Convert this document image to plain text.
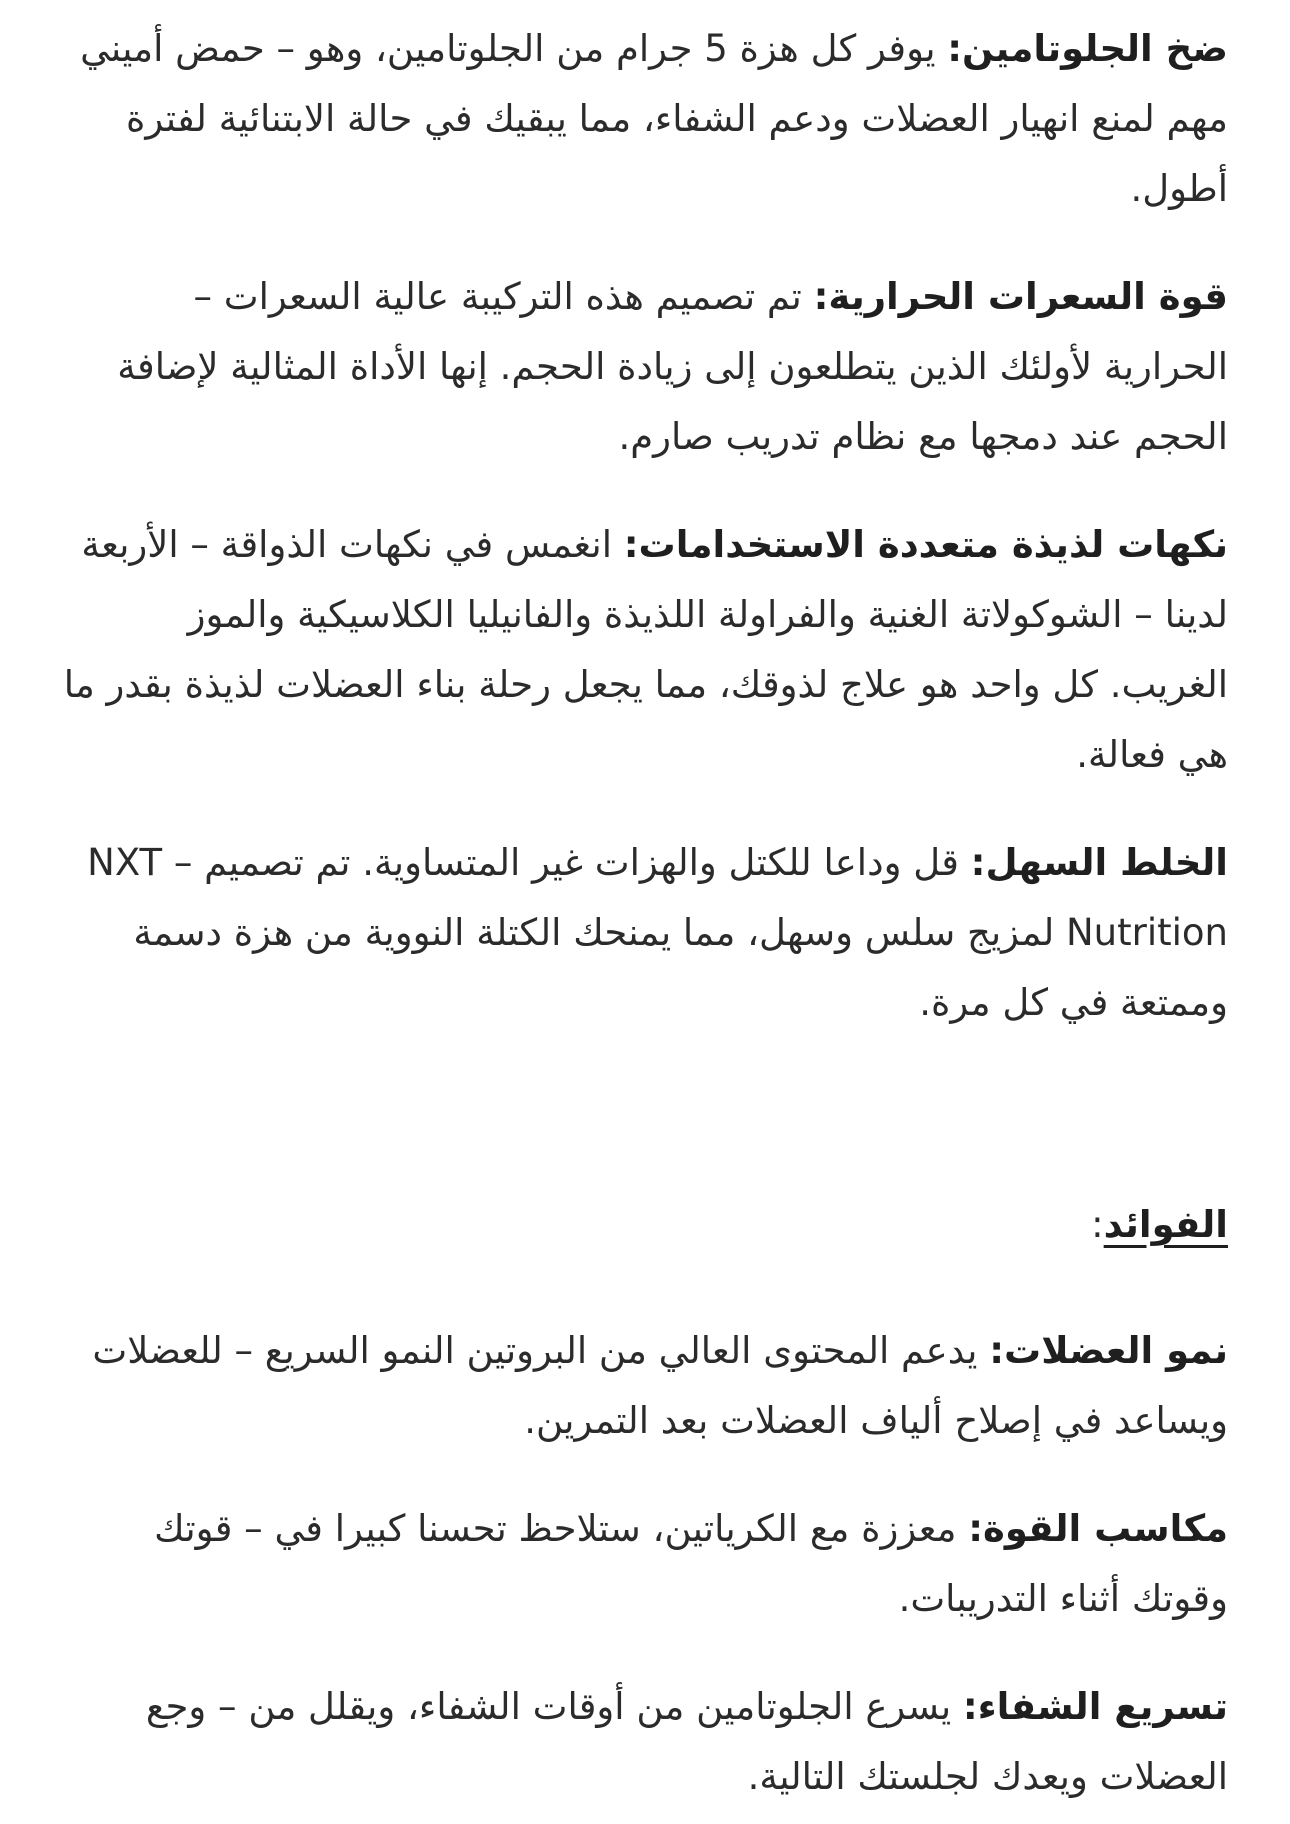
ضخ الجلوتامين: يوفر كل هزة 5 جرام من الجلوتامين، وهو – حمض أميني مهم لمنع انهيار العضلات ودعم الشفاء، مما يبقيك في حالة الابتنائية لفترة أطول.

قوة السعرات الحرارية: تم تصميم هذه التركيبة عالية السعرات – الحرارية لأولئك الذين يتطلعون إلى زيادة الحجم. إنها الأداة المثالية لإضافة الحجم عند دمجها مع نظام تدريب صارم.

نكهات لذيذة متعددة الاستخدامات: انغمس في نكهات الذواقة – الأربعة لدينا – الشوكولاتة الغنية والفراولة اللذيذة والفانيليا الكلاسيكية والموز الغريب. كل واحد هو علاج لذوقك، مما يجعل رحلة بناء العضلات لذيذة بقدر ما هي فعالة.

الخلط السهل: قل وداعا للكتل والهزات غير المتساوية. تم تصميم – NXT Nutrition لمزيج سلس وسهل، مما يمنحك الكتلة النووية من هزة دسمة وممتعة في كل مرة.

الفوائد:

نمو العضلات: يدعم المحتوى العالي من البروتين النمو السريع – للعضلات ويساعد في إصلاح ألياف العضلات بعد التمرين.

مكاسب القوة: معززة مع الكرياتين، ستلاحظ تحسنا كبيرا في – قوتك وقوتك أثناء التدريبات.

تسريع الشفاء: يسرع الجلوتامين من أوقات الشفاء، ويقلل من – وجع العضلات ويعدك لجلستك التالية.
